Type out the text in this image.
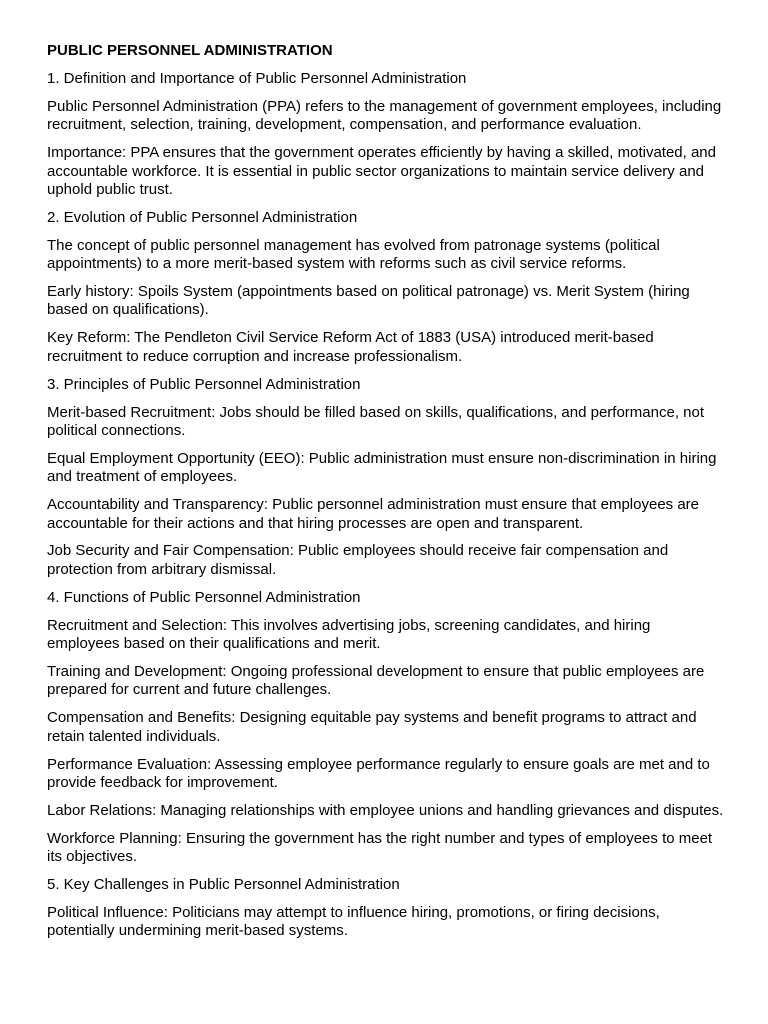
PUBLIC PERSONNEL ADMINISTRATION

1. Definition and Importance of Public Personnel Administration

Public Personnel Administration (PPA) refers to the management of government employees, including recruitment, selection, training, development, compensation, and performance evaluation.

Importance: PPA ensures that the government operates efficiently by having a skilled, motivated, and accountable workforce. It is essential in public sector organizations to maintain service delivery and uphold public trust.

2. Evolution of Public Personnel Administration

The concept of public personnel management has evolved from patronage systems (political appointments) to a more merit-based system with reforms such as civil service reforms.

Early history: Spoils System (appointments based on political patronage) vs. Merit System (hiring based on qualifications).

Key Reform: The Pendleton Civil Service Reform Act of 1883 (USA) introduced merit-based recruitment to reduce corruption and increase professionalism.

3. Principles of Public Personnel Administration

Merit-based Recruitment: Jobs should be filled based on skills, qualifications, and performance, not political connections.

Equal Employment Opportunity (EEO): Public administration must ensure non-discrimination in hiring and treatment of employees.

Accountability and Transparency: Public personnel administration must ensure that employees are accountable for their actions and that hiring processes are open and transparent.

Job Security and Fair Compensation: Public employees should receive fair compensation and protection from arbitrary dismissal.

4. Functions of Public Personnel Administration

Recruitment and Selection: This involves advertising jobs, screening candidates, and hiring employees based on their qualifications and merit.

Training and Development: Ongoing professional development to ensure that public employees are prepared for current and future challenges.

Compensation and Benefits: Designing equitable pay systems and benefit programs to attract and retain talented individuals.

Performance Evaluation: Assessing employee performance regularly to ensure goals are met and to provide feedback for improvement.

Labor Relations: Managing relationships with employee unions and handling grievances and disputes.

Workforce Planning: Ensuring the government has the right number and types of employees to meet its objectives.

5. Key Challenges in Public Personnel Administration

Political Influence: Politicians may attempt to influence hiring, promotions, or firing decisions, potentially undermining merit-based systems.
